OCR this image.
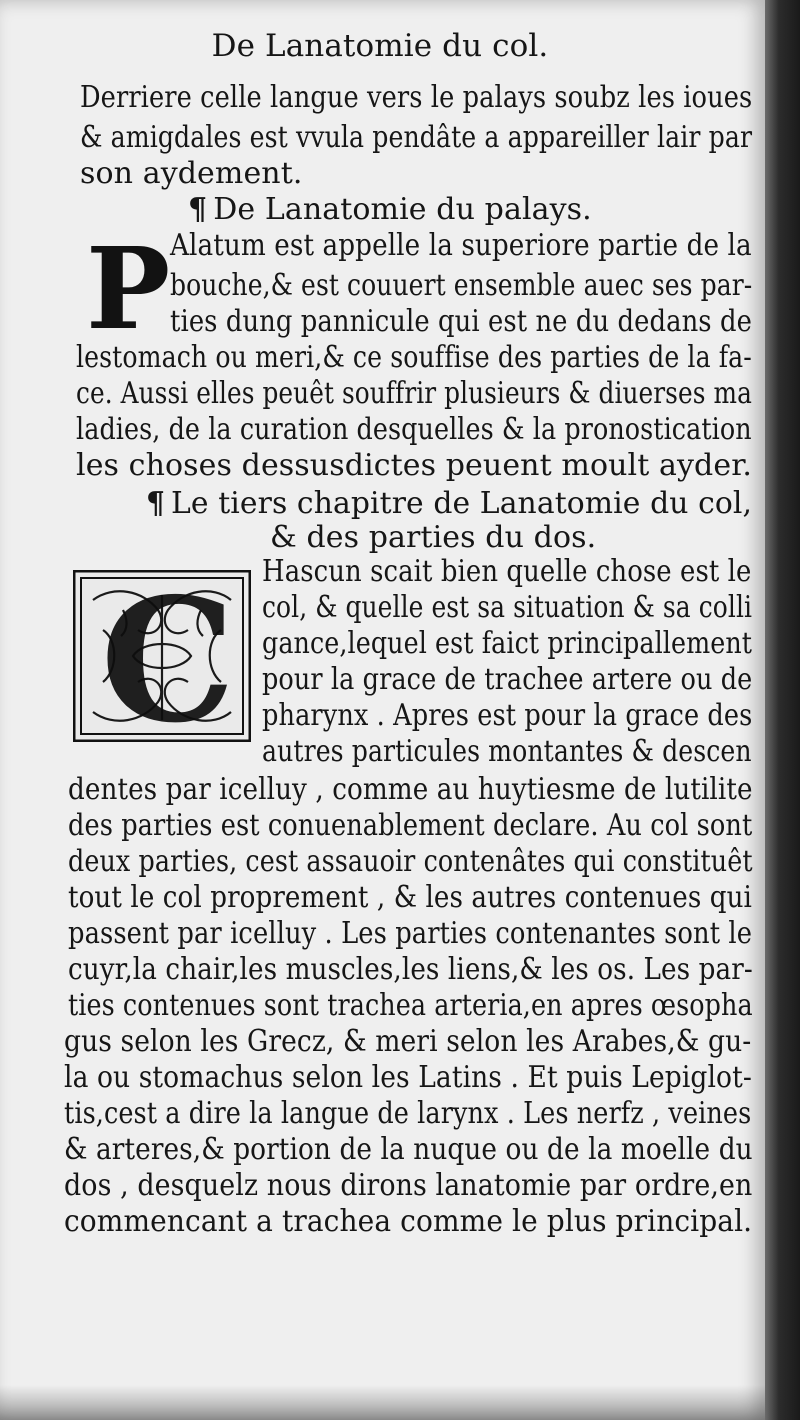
De Lanatomie du col.
Derriere celle langue vers le palays soubz les ioues
& amigdales est vvula pendâte a appareiller lair par
son aydement.
¶ De Lanatomie du palays.
P Alatum est appelle la superiore partie de la
bouche,& est couuert ensemble auec ses par-
ties dung pannicule qui est ne du dedans de
lestomach ou meri,& ce souffise des parties de la fa-
ce. Aussi elles peuêt souffrir plusieurs & diuerses ma
ladies, de la curation desquelles & la pronostication
les choses dessusdictes peuent moult ayder.
¶ Le tiers chapitre de Lanatomie du col,
& des parties du dos.
C Hascun scait bien quelle chose est le
col, & quelle est sa situation & sa colli
gance,lequel est faict principallement
pour la grace de trachee artere ou de
pharynx . Apres est pour la grace des
autres particules montantes & descen
dentes par icelluy , comme au huytiesme de lutilite
des parties est conuenablement declare. Au col sont
deux parties, cest assauoir contenâtes qui constituêt
tout le col proprement , & les autres contenues qui
passent par icelluy . Les parties contenantes sont le
cuyr,la chair,les muscles,les liens,& les os. Les par-
ties contenues sont trachea arteria,en apres œsopha
gus selon les Grecz, & meri selon les Arabes,& gu-
la ou stomachus selon les Latins . Et puis Lepiglot-
tis,cest a dire la langue de larynx . Les nerfz , veines
& arteres,& portion de la nuque ou de la moelle du
dos , desquelz nous dirons lanatomie par ordre,en
commencant a trachea comme le plus principal.
